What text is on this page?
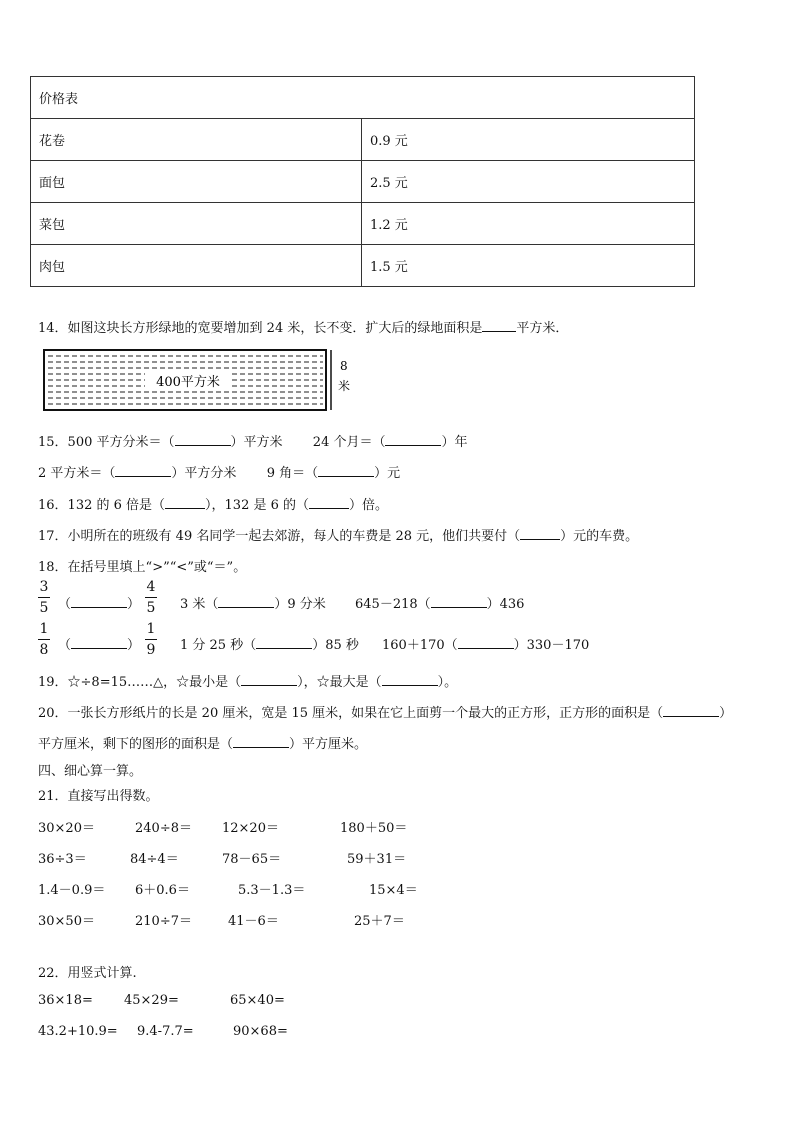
价格表	
花卷	0.9 元
面包	2.5 元
菜包	1.2 元
肉包	1.5 元
14．如图这块长方形绿地的宽要增加到 24 米，长不变．扩大后的绿地面积是	平方米．
400平方米
8
米
15．500 平方分米＝（	）平方米 24 个月＝（	）年
2 平方米＝（	）平方分米 9 角＝（	）元
16．132 的 6 倍是（	），132 是 6 的（	）倍。
17．小明所在的班级有 49 名同学一起去郊游，每人的车费是 28 元，他们共要付（	）元的车费。
18．在括号里填上“>”“<”或“＝”。
3
5 （	）
4
5 3 米（	）9 分米 645－218（	）436
1
8 （	）
1
9 1 分 25 秒（	）85 秒 160＋170（	）330－170
19．☆÷8=15……△，☆最小是（	），☆最大是（	）。
20．一张长方形纸片的长是 20 厘米，宽是 15 厘米，如果在它上面剪一个最大的正方形，正方形的面积是（	）
平方厘米，剩下的图形的面积是（	）平方厘米。
四、细心算一算。
21．直接写出得数。
30×20＝	240÷8＝ 12×20＝	180＋50＝
36÷3＝	84÷4＝	78－65＝	59＋31＝
1.4－0.9＝ 6＋0.6＝	5.3－1.3＝	15×4＝
30×50＝	210÷7＝	41－6＝	25＋7＝
22．用竖式计算.
36×18= 45×29=	65×40=
43.2+10.9= 9.4-7.7=	90×68=
